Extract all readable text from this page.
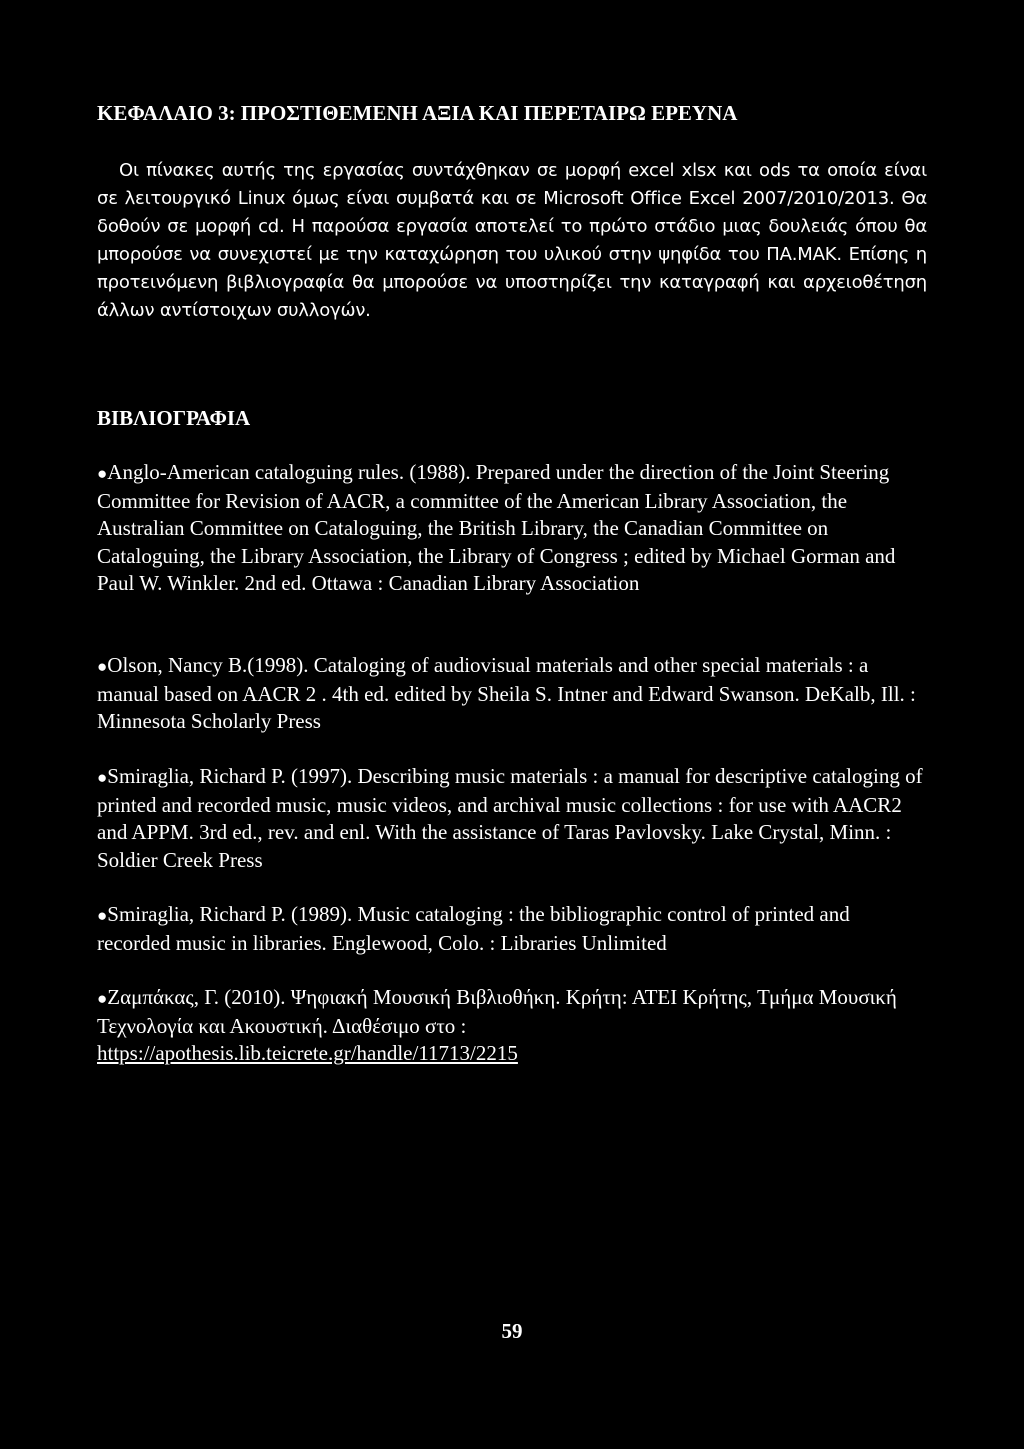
ΚΕΦΑΛΑΙΟ 3: ΠΡΟΣΤΙΘΕΜΕΝΗ ΑΞΙΑ ΚΑΙ ΠΕΡΕΤΑΙΡΩ ΕΡΕΥΝΑ

Οι πίνακες αυτής της εργασίας συντάχθηκαν σε μορφή excel xlsx και ods τα οποία είναι σε λειτουργικό Linux όμως είναι συμβατά και σε Microsoft Office Excel 2007/2010/2013. Θα δοθούν σε μορφή cd. Η παρούσα εργασία αποτελεί το πρώτο στάδιο μιας δουλειάς όπου θα μπορούσε να συνεχιστεί με την καταχώρηση του υλικού στην ψηφίδα του ΠΑ.ΜΑΚ. Επίσης η προτεινόμενη βιβλιογραφία θα μπορούσε να υποστηρίζει την καταγραφή και αρχειοθέτηση άλλων αντίστοιχων συλλογών.

ΒΙΒΛΙΟΓΡΑΦΙΑ

●Anglo-American cataloguing rules. (1988). Prepared under the direction of the Joint Steering Committee for Revision of AACR, a committee of the American Library Association, the Australian Committee on Cataloguing, the British Library, the Canadian Committee on Cataloguing, the Library Association, the Library of Congress ; edited by Michael Gorman and Paul W. Winkler. 2nd ed. Ottawa : Canadian Library Association

●Olson, Nancy B.(1998). Cataloging of audiovisual materials and other special materials : a manual based on AACR 2 . 4th ed. edited by Sheila S. Intner and Edward Swanson. DeKalb, Ill. : Minnesota Scholarly Press

●Smiraglia, Richard P. (1997). Describing music materials : a manual for descriptive cataloging of printed and recorded music, music videos, and archival music collections : for use with AACR2 and APPM. 3rd ed., rev. and enl. With the assistance of Taras Pavlovsky. Lake Crystal, Minn. : Soldier Creek Press

●Smiraglia, Richard P. (1989). Music cataloging : the bibliographic control of printed and recorded music in libraries. Englewood, Colo. : Libraries Unlimited

●Ζαμπάκας, Γ. (2010). Ψηφιακή Μουσική Βιβλιοθήκη. Κρήτη: ΑΤΕΙ Κρήτης, Τμήμα Μουσική Τεχνολογία και Ακουστική. Διαθέσιμο στο :
https://apothesis.lib.teicrete.gr/handle/11713/2215

59
